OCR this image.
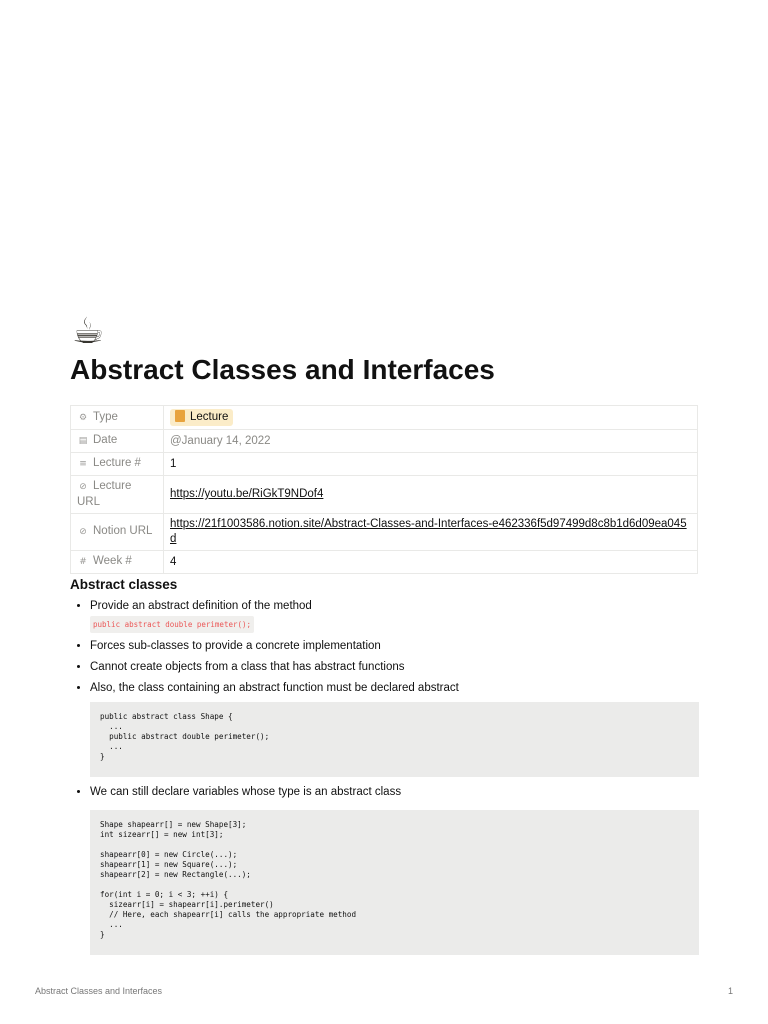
☕
Abstract Classes and Interfaces
⚙ Type	Lecture
▤ Date	@January 14, 2022
≡ Lecture #	1
⊘ Lecture URL	https://youtu.be/RiGkT9NDof4
⊘ Notion URL	https://21f1003586.notion.site/Abstract-Classes-and-Interfaces-e462336f5d97499d8c8b1d6d09ea045d
# Week #	4
Abstract classes
• Provide an abstract definition of the method
public abstract double perimeter();
• Forces sub-classes to provide a concrete implementation
• Cannot create objects from a class that has abstract functions
• Also, the class containing an abstract function must be declared abstract
public abstract class Shape {
...
public abstract double perimeter();
...
}
• We can still declare variables whose type is an abstract class
Shape shapearr[] = new Shape[3];
int sizearr[] = new int[3];

shapearr[0] = new Circle(...);
shapearr[1] = new Square(...);
shapearr[2] = new Rectangle(...);

for(int i = 0; i < 3; ++i) {
sizearr[i] = shapearr[i].perimeter()
// Here, each shapearr[i] calls the appropriate method
...
}
Abstract Classes and Interfaces	1
